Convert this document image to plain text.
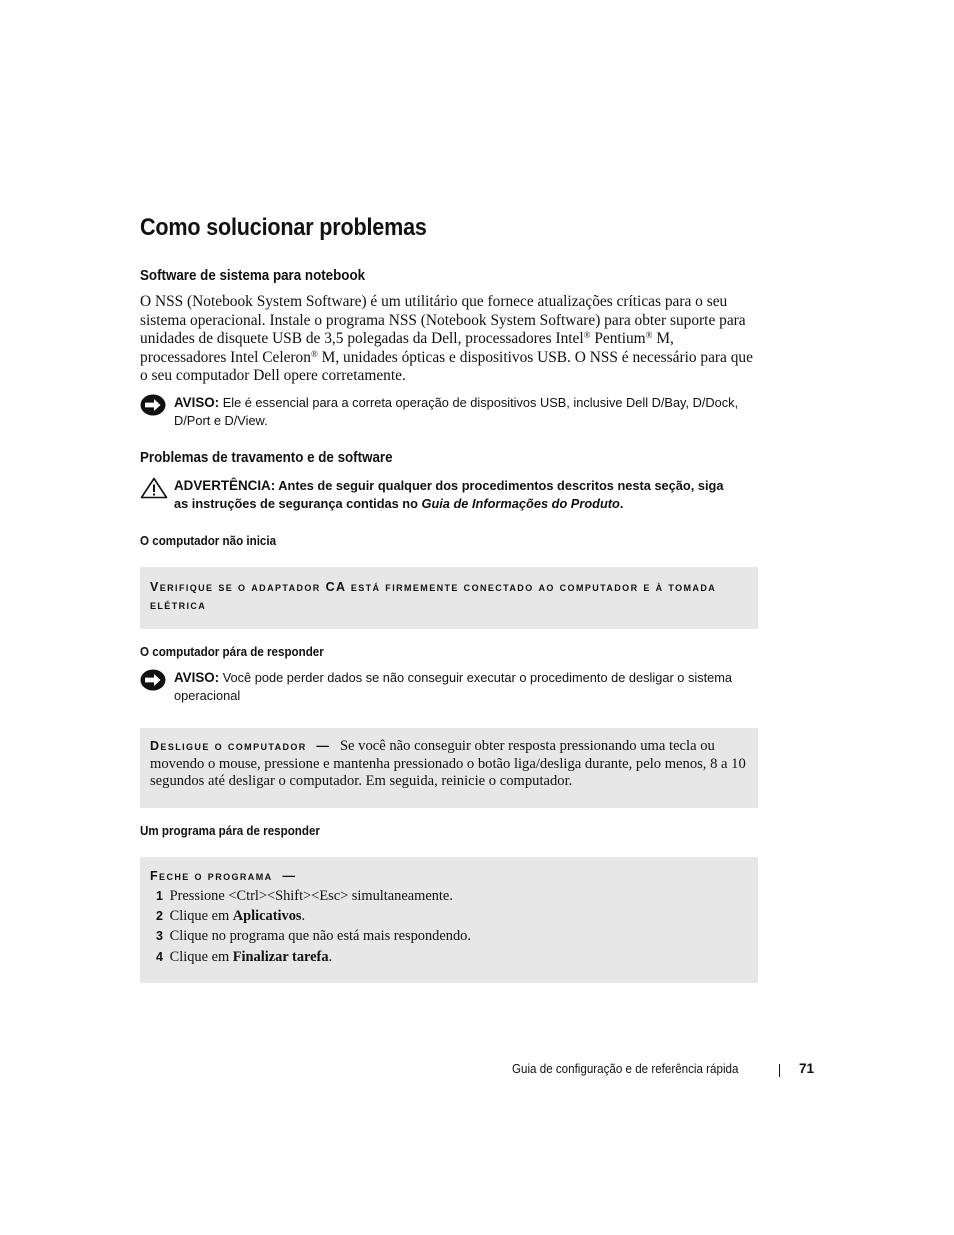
Como solucionar problemas
Software de sistema para notebook

O NSS (Notebook System Software) é um utilitário que fornece atualizações críticas para o seu
sistema operacional. Instale o programa NSS (Notebook System Software) para obter suporte para
unidades de disquete USB de 3,5 polegadas da Dell, processadores Intel® Pentium® M,
processadores Intel Celeron® M, unidades ópticas e dispositivos USB. O NSS é necessário para que
o seu computador Dell opere corretamente.

AVISO: Ele é essencial para a correta operação de dispositivos USB, inclusive Dell D/Bay, D/Dock, D/Port e D/View.
Problemas de travamento e de software
ADVERTÊNCIA: Antes de seguir qualquer dos procedimentos descritos nesta seção, siga as instruções de segurança contidas no Guia de Informações do Produto.
O computador não inicia
Verifique se o adaptador CA está firmemente conectado ao computador e à tomada elétrica
O computador pára de responder
AVISO: Você pode perder dados se não conseguir executar o procedimento de desligar o sistema operacional
Desligue o computador — Se você não conseguir obter resposta pressionando uma tecla ou movendo o mouse, pressione e mantenha pressionado o botão liga/desliga durante, pelo menos, 8 a 10 segundos até desligar o computador. Em seguida, reinicie o computador.
Um programa pára de responder
Feche o programa —
1 Pressione <Ctrl><Shift><Esc> simultaneamente.
2 Clique em Aplicativos.
3 Clique no programa que não está mais respondendo.
4 Clique em Finalizar tarefa.
Guia de configuração e de referência rápida	71
